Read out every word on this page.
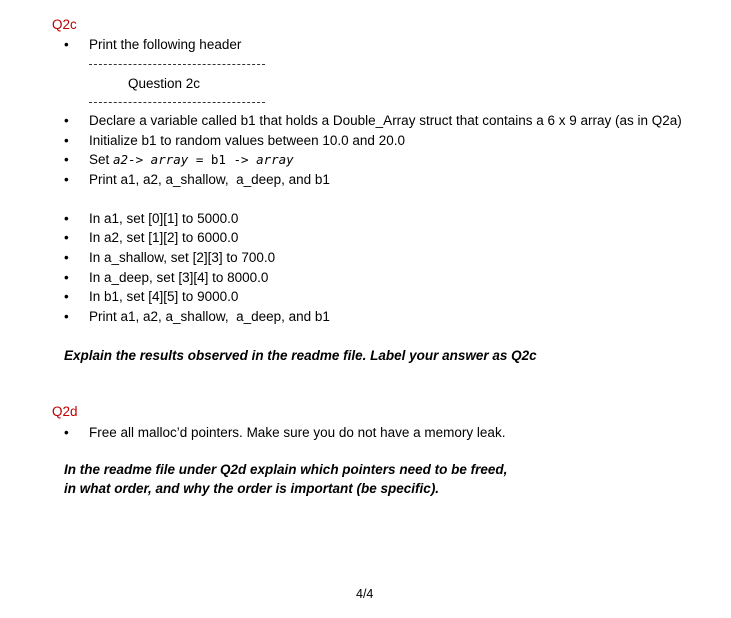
Q2c
• Print the following header
Question 2c
• Declare a variable called b1 that holds a Double_Array struct that contains a 6 x 9 array (as in Q2a)
• Initialize b1 to random values between 10.0 and 20.0
• Set a2-> array = b1 -> array
• Print a1, a2, a_shallow,  a_deep, and b1
• In a1, set [0][1] to 5000.0
• In a2, set [1][2] to 6000.0
• In a_shallow, set [2][3] to 700.0
• In a_deep, set [3][4] to 8000.0
• In b1, set [4][5] to 9000.0
• Print a1, a2, a_shallow,  a_deep, and b1
Explain the results observed in the readme file. Label your answer as Q2c
Q2d
• Free all malloc’d pointers. Make sure you do not have a memory leak.
In the readme file under Q2d explain which pointers need to be freed,
in what order, and why the order is important (be specific).
4/4
